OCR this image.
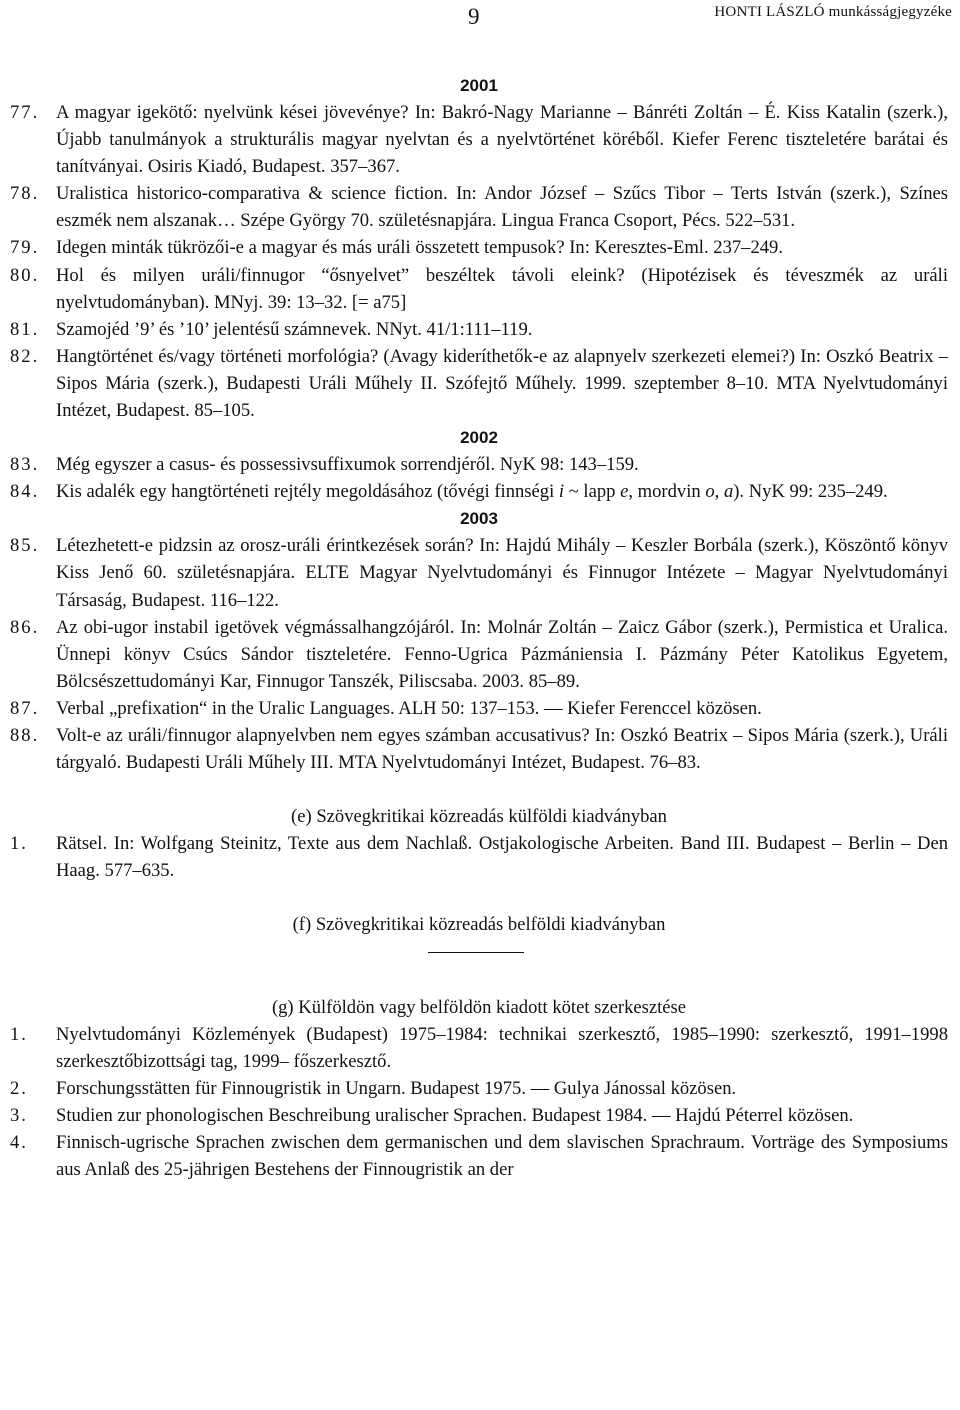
9	HONTI LÁSZLÓ munkásságjegyzéke
2001
77. A magyar igekötő: nyelvünk kései jövevénye? In: Bakró-Nagy Marianne – Bánréti Zoltán – É. Kiss Katalin (szerk.), Újabb tanulmányok a strukturális magyar nyelvtan és a nyelvtörténet köréből. Kiefer Ferenc tiszteletére barátai és tanítványai. Osiris Kiadó, Budapest. 357–367.
78. Uralistica historico-comparativa & science fiction. In: Andor József – Szűcs Tibor – Terts István (szerk.), Színes eszmék nem alszanak… Szépe György 70. születésnapjára. Lingua Franca Csoport, Pécs. 522–531.
79. Idegen minták tükrözői-e a magyar és más uráli összetett tempusok? In: Keresztes-Eml. 237–249.
80. Hol és milyen uráli/finnugor “ősnyelvet” beszéltek távoli eleink? (Hipotézisek és téveszmék az uráli nyelvtudományban). MNyj. 39: 13–32. [= a75]
81. Szamojéd ’9’ és ’10’ jelentésű számnevek. NNyt. 41/1:111–119.
82. Hangtörténet és/vagy történeti morfológia? (Avagy kideríthetők-e az alapnyelv szerkezeti elemei?) In: Oszkó Beatrix – Sipos Mária (szerk.), Budapesti Uráli Műhely II. Szófejtő Műhely. 1999. szeptember 8–10. MTA Nyelvtudományi Intézet, Budapest. 85–105.
2002
83. Még egyszer a casus- és possessivsuffixumok sorrendjéről. NyK 98: 143–159.
84. Kis adalék egy hangtörténeti rejtély megoldásához (tővégi finnségi i ~ lapp e, mordvin o, a). NyK 99: 235–249.
2003
85. Létezhetett-e pidzsin az orosz-uráli érintkezések során? In: Hajdú Mihály – Keszler Borbála (szerk.), Köszöntő könyv Kiss Jenő 60. születésnapjára. ELTE Magyar Nyelvtudományi és Finnugor Intézete – Magyar Nyelvtudományi Társaság, Budapest. 116–122.
86. Az obi-ugor instabil igetövek végmássalhangzójáról. In: Molnár Zoltán – Zaicz Gábor (szerk.), Permistica et Uralica. Ünnepi könyv Csúcs Sándor tiszteletére. Fenno-Ugrica Pázmániensia I. Pázmány Péter Katolikus Egyetem, Bölcsészettudományi Kar, Finnugor Tanszék, Piliscsaba. 2003. 85–89.
87. Verbal „prefixation“ in the Uralic Languages. ALH 50: 137–153. — Kiefer Ferenccel közösen.
88. Volt-e az uráli/finnugor alapnyelvben nem egyes számban accusativus? In: Oszkó Beatrix – Sipos Mária (szerk.), Uráli tárgyaló. Budapesti Uráli Műhely III. MTA Nyelvtudományi Intézet, Budapest. 76–83.
(e) Szövegkritikai közreadás külföldi kiadványban
1.	Rätsel. In: Wolfgang Steinitz, Texte aus dem Nachlaß. Ostjakologische Arbeiten. Band III. Budapest – Berlin – Den Haag. 577–635.
(f) Szövegkritikai közreadás belföldi kiadványban
(g) Külföldön vagy belföldön kiadott kötet szerkesztése
1.	Nyelvtudományi Közlemények (Budapest) 1975–1984: technikai szerkesztő, 1985–1990: szerkesztő, 1991–1998 szerkesztőbizottsági tag, 1999– főszerkesztő.
2.	Forschungsstätten für Finnougristik in Ungarn. Budapest 1975. — Gulya Jánossal közösen.
3.	Studien zur phonologischen Beschreibung uralischer Sprachen. Budapest 1984. — Hajdú Péterrel közösen.
4.	Finnisch-ugrische Sprachen zwischen dem germanischen und dem slavischen Sprachraum. Vorträge des Symposiums aus Anlaß des 25-jährigen Bestehens der Finnougristik an der
